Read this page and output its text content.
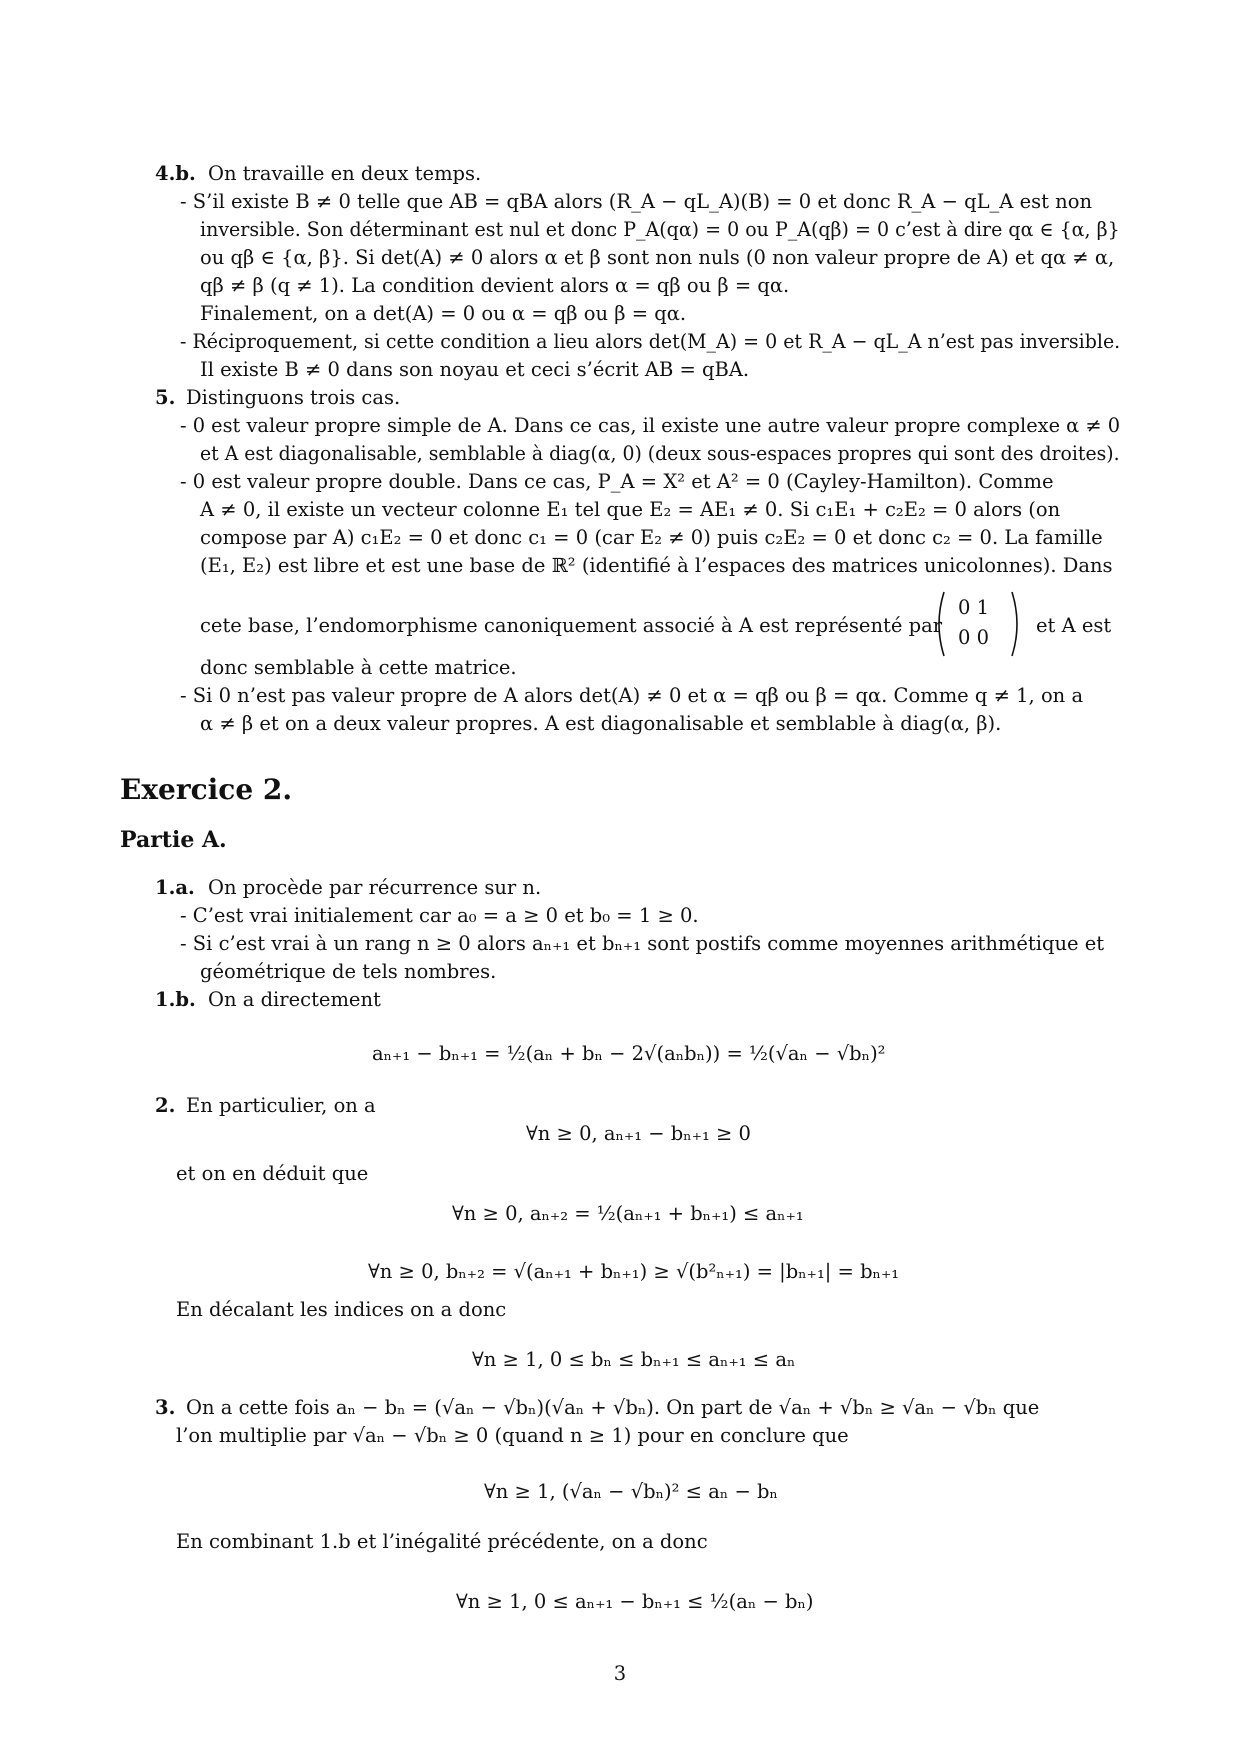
4.b. On travaille en deux temps.
- S’il existe B ≠ 0 telle que AB = qBA alors (R_A − qL_A)(B) = 0 et donc R_A − qL_A est non
inversible. Son déterminant est nul et donc P_A(qα) = 0 ou P_A(qβ) = 0 c’est à dire qα ∈ {α, β}
ou qβ ∈ {α, β}. Si det(A) ≠ 0 alors α et β sont non nuls (0 non valeur propre de A) et qα ≠ α,
qβ ≠ β (q ≠ 1). La condition devient alors α = qβ ou β = qα.
Finalement, on a det(A) = 0 ou α = qβ ou β = qα.
- Réciproquement, si cette condition a lieu alors det(M_A) = 0 et R_A − qL_A n’est pas inversible.
Il existe B ≠ 0 dans son noyau et ceci s’écrit AB = qBA.
5. Distinguons trois cas.
- 0 est valeur propre simple de A. Dans ce cas, il existe une autre valeur propre complexe α ≠ 0
et A est diagonalisable, semblable à diag(α, 0) (deux sous-espaces propres qui sont des droites).
- 0 est valeur propre double. Dans ce cas, P_A = X² et A² = 0 (Cayley-Hamilton). Comme
A ≠ 0, il existe un vecteur colonne E₁ tel que E₂ = AE₁ ≠ 0. Si c₁E₁ + c₂E₂ = 0 alors (on
compose par A) c₁E₂ = 0 et donc c₁ = 0 (car E₂ ≠ 0) puis c₂E₂ = 0 et donc c₂ = 0. La famille
(E₁, E₂) est libre et est une base de ℝ² (identifié à l’espaces des matrices unicolonnes). Dans
cete base, l’endomorphisme canoniquement associé à A est représenté par
0 1
0 0
et A est
donc semblable à cette matrice.
- Si 0 n’est pas valeur propre de A alors det(A) ≠ 0 et α = qβ ou β = qα. Comme q ≠ 1, on a
α ≠ β et on a deux valeur propres. A est diagonalisable et semblable à diag(α, β).
Exercice 2.
Partie A.
1.a. On procède par récurrence sur n.
- C’est vrai initialement car a₀ = a ≥ 0 et b₀ = 1 ≥ 0.
- Si c’est vrai à un rang n ≥ 0 alors aₙ₊₁ et bₙ₊₁ sont postifs comme moyennes arithmétique et
géométrique de tels nombres.
1.b. On a directement
aₙ₊₁ − bₙ₊₁ = ½(aₙ + bₙ − 2√(aₙbₙ)) = ½(√aₙ − √bₙ)²
2. En particulier, on a
∀n ≥ 0, aₙ₊₁ − bₙ₊₁ ≥ 0
et on en déduit que
∀n ≥ 0, aₙ₊₂ = ½(aₙ₊₁ + bₙ₊₁) ≤ aₙ₊₁
∀n ≥ 0, bₙ₊₂ = √(aₙ₊₁ + bₙ₊₁) ≥ √(b²ₙ₊₁) = |bₙ₊₁| = bₙ₊₁
En décalant les indices on a donc
∀n ≥ 1, 0 ≤ bₙ ≤ bₙ₊₁ ≤ aₙ₊₁ ≤ aₙ
3. On a cette fois aₙ − bₙ = (√aₙ − √bₙ)(√aₙ + √bₙ). On part de √aₙ + √bₙ ≥ √aₙ − √bₙ que
l’on multiplie par √aₙ − √bₙ ≥ 0 (quand n ≥ 1) pour en conclure que
∀n ≥ 1, (√aₙ − √bₙ)² ≤ aₙ − bₙ
En combinant 1.b et l’inégalité précédente, on a donc
∀n ≥ 1, 0 ≤ aₙ₊₁ − bₙ₊₁ ≤ ½(aₙ − bₙ)
3
